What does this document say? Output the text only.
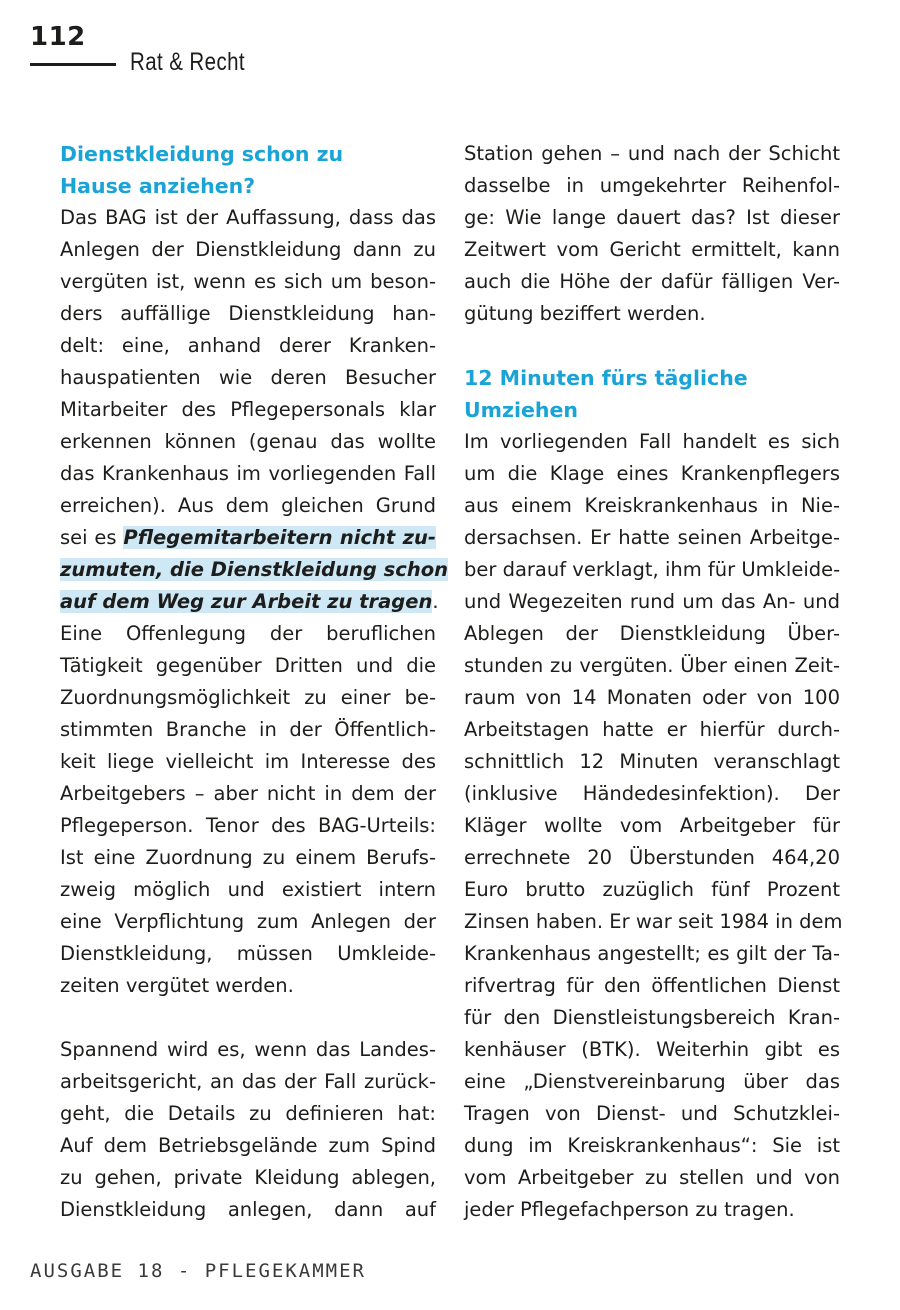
112
Rat & Recht
Dienstkleidung schon zu
Hause anziehen?
Das BAG ist der Auffassung, dass das
Anlegen der Dienstkleidung dann zu
vergüten ist, wenn es sich um beson-
ders auffällige Dienstkleidung han-
delt: eine, anhand derer Kranken-
hauspatienten wie deren Besucher
Mitarbeiter des Pflegepersonals klar
erkennen können (genau das wollte
das Krankenhaus im vorliegenden Fall
erreichen). Aus dem gleichen Grund
sei es Pflegemitarbeitern nicht zu-
zumuten, die Dienstkleidung schon
auf dem Weg zur Arbeit zu tragen.
Eine Offenlegung der beruflichen
Tätigkeit gegenüber Dritten und die
Zuordnungsmöglichkeit zu einer be-
stimmten Branche in der Öffentlich-
keit liege vielleicht im Interesse des
Arbeitgebers – aber nicht in dem der
Pflegeperson. Tenor des BAG-Urteils:
Ist eine Zuordnung zu einem Berufs-
zweig möglich und existiert intern
eine Verpflichtung zum Anlegen der
Dienstkleidung, müssen Umkleide-
zeiten vergütet werden.
Spannend wird es, wenn das Landes-
arbeitsgericht, an das der Fall zurück-
geht, die Details zu definieren hat:
Auf dem Betriebsgelände zum Spind
zu gehen, private Kleidung ablegen,
Dienstkleidung anlegen, dann auf
Station gehen – und nach der Schicht
dasselbe in umgekehrter Reihenfol-
ge: Wie lange dauert das? Ist dieser
Zeitwert vom Gericht ermittelt, kann
auch die Höhe der dafür fälligen Ver-
gütung beziffert werden.
12 Minuten fürs tägliche
Umziehen
Im vorliegenden Fall handelt es sich
um die Klage eines Krankenpflegers
aus einem Kreiskrankenhaus in Nie-
dersachsen. Er hatte seinen Arbeitge-
ber darauf verklagt, ihm für Umkleide-
und Wegezeiten rund um das An- und
Ablegen der Dienstkleidung Über-
stunden zu vergüten. Über einen Zeit-
raum von 14 Monaten oder von 100
Arbeitstagen hatte er hierfür durch-
schnittlich 12 Minuten veranschlagt
(inklusive Händedesinfektion). Der
Kläger wollte vom Arbeitgeber für
errechnete 20 Überstunden 464,20
Euro brutto zuzüglich fünf Prozent
Zinsen haben. Er war seit 1984 in dem
Krankenhaus angestellt; es gilt der Ta-
rifvertrag für den öffentlichen Dienst
für den Dienstleistungsbereich Kran-
kenhäuser (BTK). Weiterhin gibt es
eine „Dienstvereinbarung über das
Tragen von Dienst- und Schutzklei-
dung im Kreiskrankenhaus“: Sie ist
vom Arbeitgeber zu stellen und von
jeder Pflegefachperson zu tragen.
AUSGABE 18 - PFLEGEKAMMER
